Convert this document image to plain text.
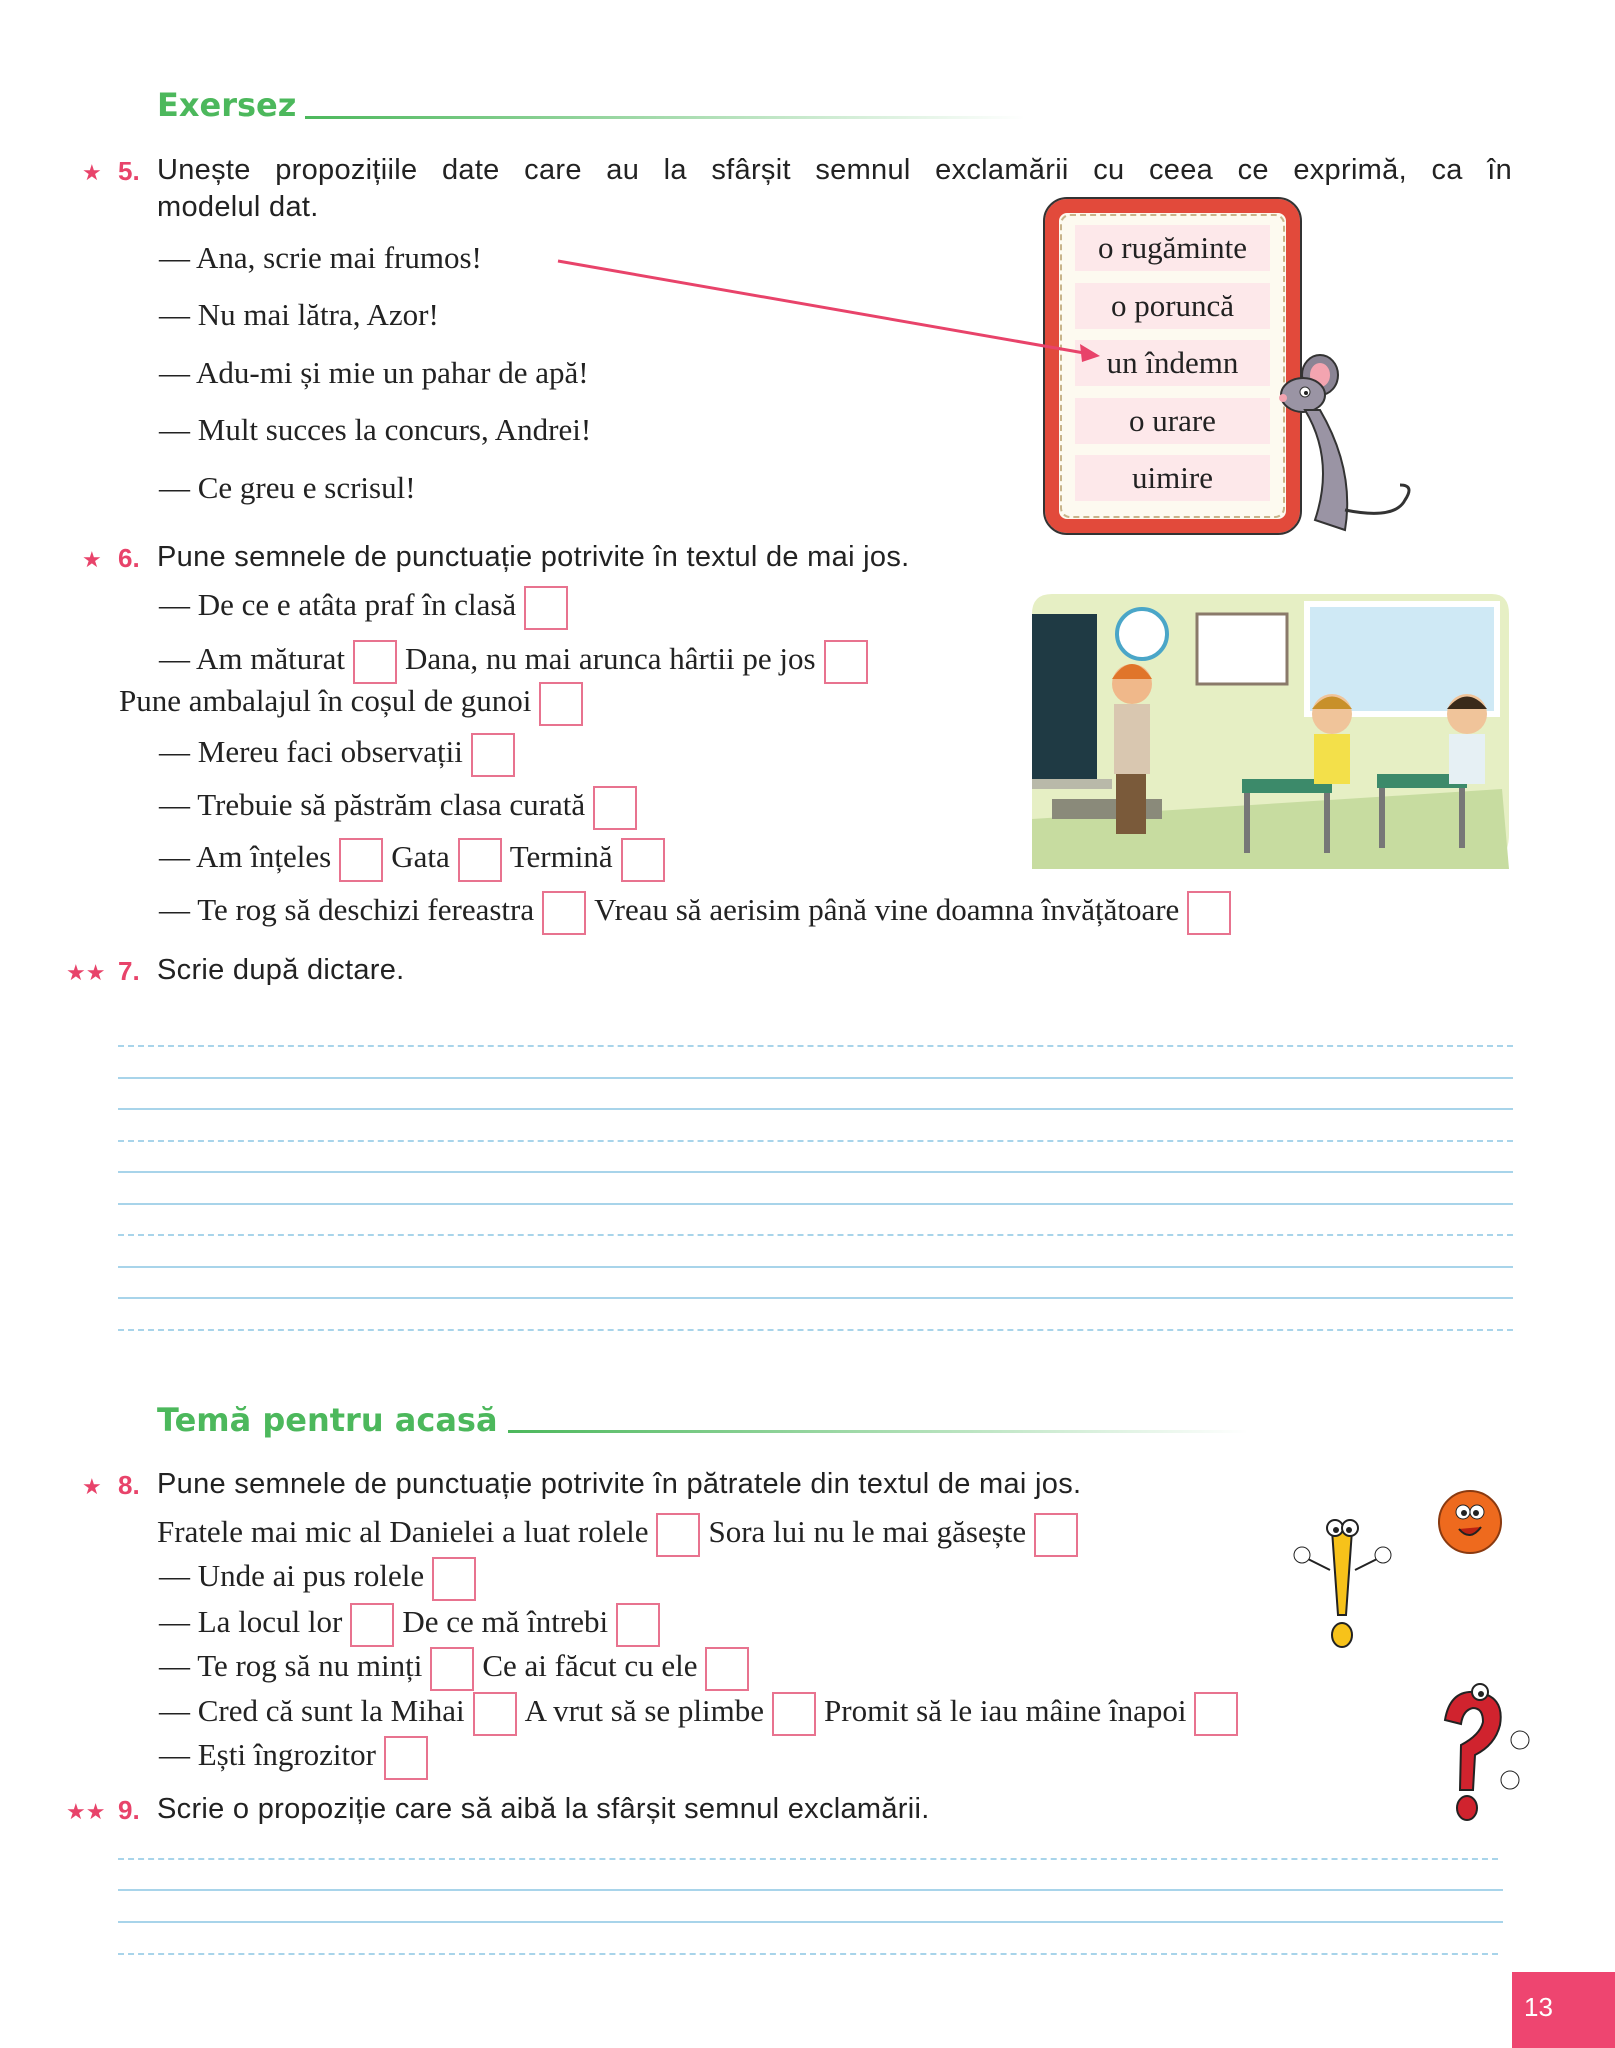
Exersez
★ 5. Unește propozițiile date care au la sfârșit semnul exclamării cu ceea ce exprimă, ca în
modelul dat.
— Ana, scrie mai frumos!
— Nu mai lătra, Azor!
— Adu-mi și mie un pahar de apă!
— Mult succes la concurs, Andrei!
— Ce greu e scrisul!
o rugăminte
o poruncă
un îndemn
o urare
uimire
★ 6. Pune semnele de punctuație potrivite în textul de mai jos.
— De ce e atâta praf în clasă
— Am măturat Dana, nu mai arunca hârtii pe jos
Pune ambalajul în coșul de gunoi
— Mereu faci observații
— Trebuie să păstrăm clasa curată
— Am înțeles Gata Termină
— Te rog să deschizi fereastra Vreau să aerisim până vine doamna învățătoare
★★ 7. Scrie după dictare.
Temă pentru acasă
★ 8. Pune semnele de punctuație potrivite în pătratele din textul de mai jos.
Fratele mai mic al Danielei a luat rolele Sora lui nu le mai găsește
— Unde ai pus rolele
— La locul lor De ce mă întrebi
— Te rog să nu minți Ce ai făcut cu ele
— Cred că sunt la Mihai A vrut să se plimbe Promit să le iau mâine înapoi
— Ești îngrozitor
★★ 9. Scrie o propoziție care să aibă la sfârșit semnul exclamării.
13
